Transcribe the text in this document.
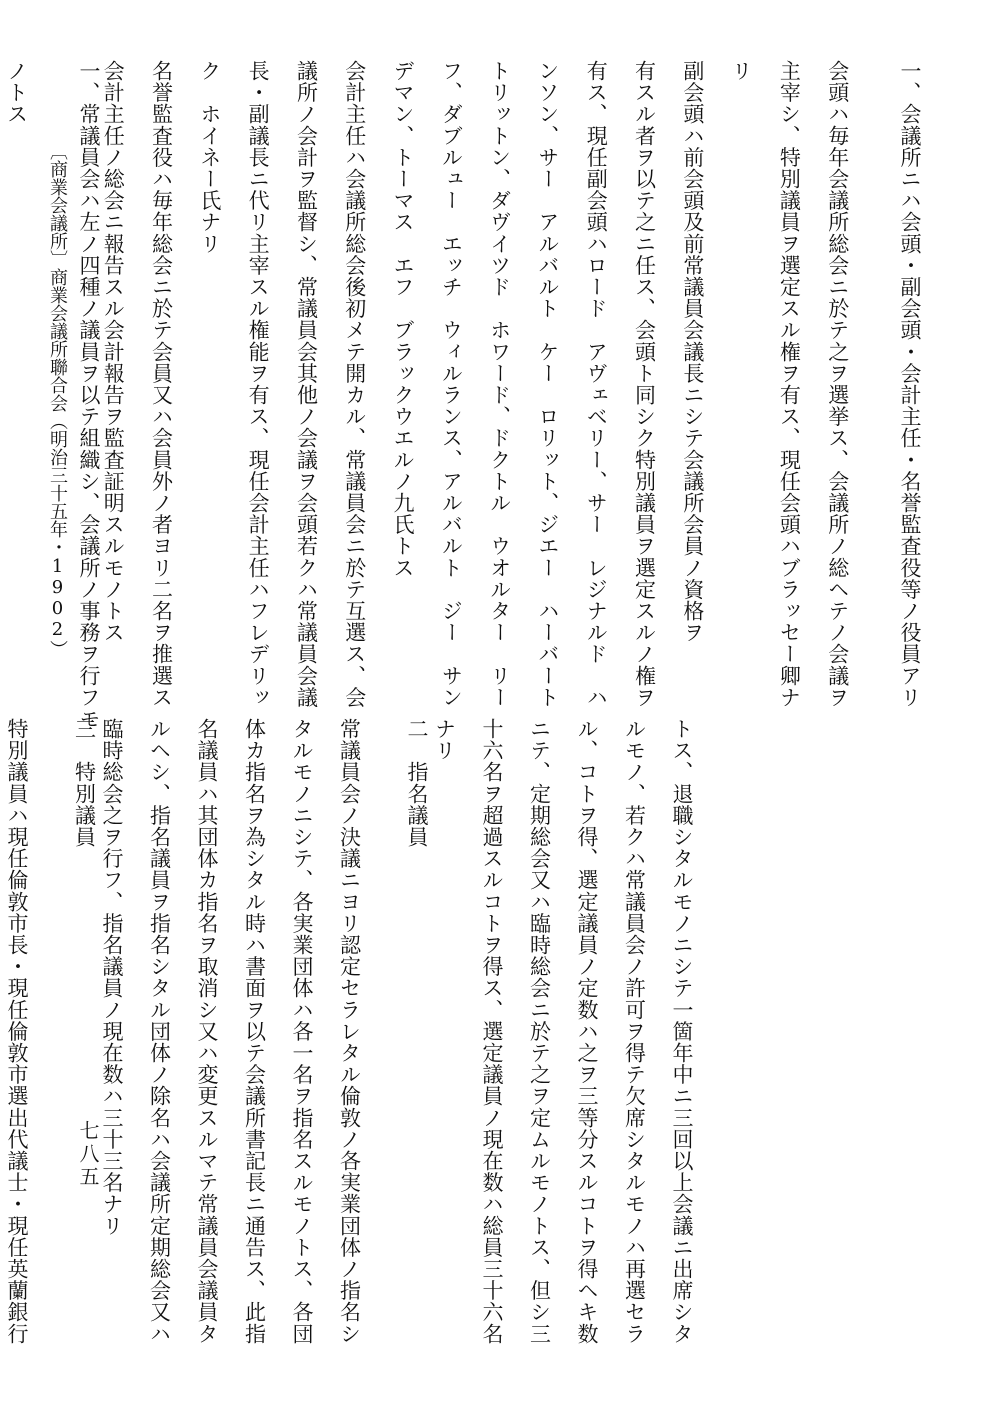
一、会議所ニハ会頭・副会頭・会計主任・名誉監査役等ノ役員アリ
会頭ハ毎年会議所総会ニ於テ之ヲ選挙ス、会議所ノ総ヘテノ会議ヲ
主宰シ、特別議員ヲ選定スル権ヲ有ス、現任会頭ハブラッセー卿ナ
リ
副会頭ハ前会頭及前常議員会議長ニシテ会議所会員ノ資格ヲ
有スル者ヲ以テ之ニ任ス、会頭ト同シク特別議員ヲ選定スルノ権ヲ
有ス、現任副会頭ハロード　アヴェベリー、サー　レジナルド　ハ
ンソン、サー　アルバルト　ケー　ロリット、ジエー　ハーバート
トリットン、ダヴイツド　ホワード、ドクトル　ウオルター　リー
フ、ダブルュー　エッチ　ウィルランス、アルバルト　ジー　サン
デマン、トーマス　エフ　ブラックウエルノ九氏トス
会計主任ハ会議所総会後初メテ開カル、常議員会ニ於テ互選ス、会
議所ノ会計ヲ監督シ、常議員会其他ノ会議ヲ会頭若クハ常議員会議
長・副議長ニ代リ主宰スル権能ヲ有ス、現任会計主任ハフレデリッ
ク　ホイネー氏ナリ
名誉監査役ハ毎年総会ニ於テ会員又ハ会員外ノ者ヨリ二名ヲ推選ス
会計主任ノ総会ニ報告スル会計報告ヲ監査証明スルモノトス
一、常議員会ハ左ノ四種ノ議員ヲ以テ組織シ、会議所ノ事務ヲ行フモ
ノトス
トス、退職シタルモノニシテ一箇年中ニ三回以上会議ニ出席シタ
ルモノ、若クハ常議員会ノ許可ヲ得テ欠席シタルモノハ再選セラ
ル、コトヲ得、選定議員ノ定数ハ之ヲ三等分スルコトヲ得ヘキ数
ニテ、定期総会又ハ臨時総会ニ於テ之ヲ定ムルモノトス、但シ三
十六名ヲ超過スルコトヲ得ス、選定議員ノ現在数ハ総員三十六名
ナリ
二　指名議員
常議員会ノ決議ニヨリ認定セラレタル倫敦ノ各実業団体ノ指名シ
タルモノニシテ、各実業団体ハ各一名ヲ指名スルモノトス、各団
体カ指名ヲ為シタル時ハ書面ヲ以テ会議所書記長ニ通告ス、此指
名議員ハ其団体カ指名ヲ取消シ又ハ変更スルマテ常議員会議員タ
ルヘシ、指名議員ヲ指名シタル団体ノ除名ハ会議所定期総会又ハ
臨時総会之ヲ行フ、指名議員ノ現在数ハ三十三名ナリ
三　特別議員
特別議員ハ現任倫敦市長・現任倫敦市選出代議士・現任英蘭銀行	七八五
〔商業会議所〕商業会議所聯合会（明治三十五年・1902）
